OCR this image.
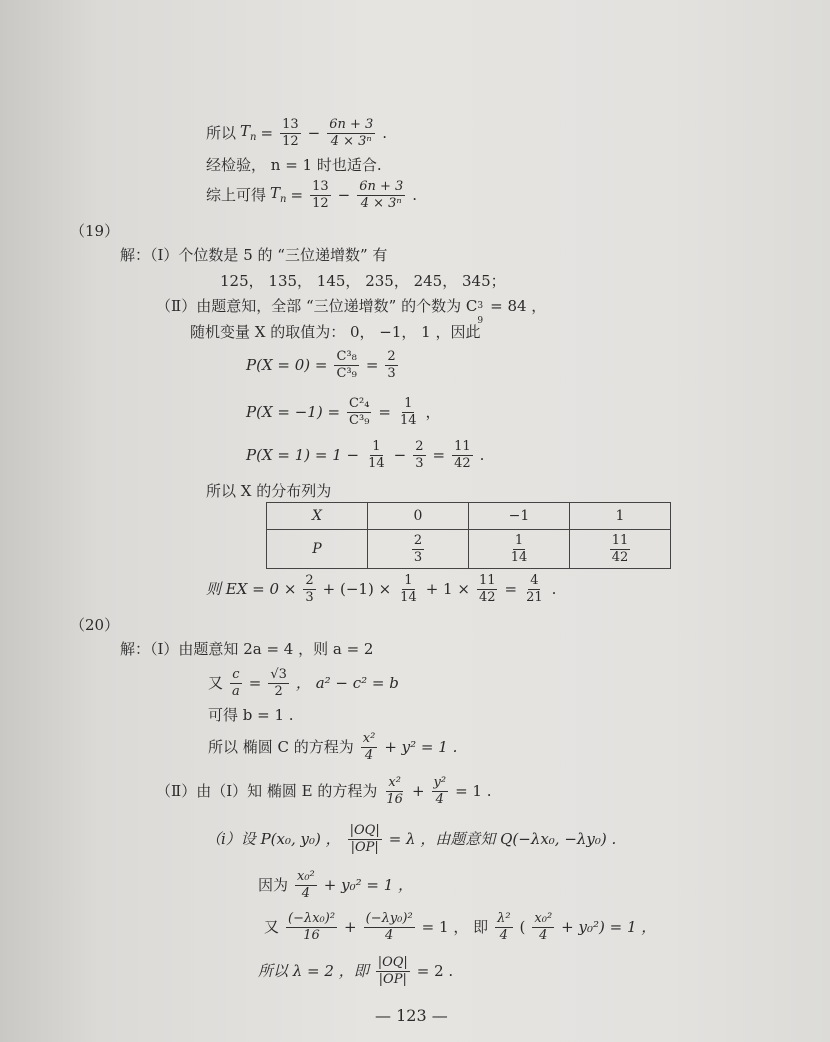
所以 $T_n = \frac{13}{12} - \frac{6n + 3}{\text{4 × 3ⁿ}}$ .
经检验， n = 1 时也适合.
综上可得 $T_n = \frac{13}{12} - \frac{6n + 3}{\text{4 × 3ⁿ}}$ .
（19）
解：（Ⅰ）个位数是 5 的 “三位递增数” 有
125， 135， 145， 235， 245， 345；
（Ⅱ）由题意知，全部 “三位递增数” 的个数为 C 3
9
= 84 ，
随机变量 X 的取值为： 0， −1， 1 ，因此
$P(X = 0) = \frac{\text{C³₈}}{\text{C³₉}} = \frac{2}{3}$
$P(X = -1) = \frac{\text{C²₄}}{\text{C³₉}} = \frac{1}{14}$ ，
$P(X = 1) = 1 - \frac{1}{14} - \frac{2}{3} = \frac{11}{42}$ .
所以 X 的分布列为
X	0	−1	1
P	$\frac{2}{3}$	$\frac{1}{14}$	$\frac{11}{42}$
则 EX = $0 \times \frac{2}{3} + (-1) \times \frac{1}{14} + 1 \times \frac{11}{42} = \frac{4}{21}$ .
（20）
解：（Ⅰ）由题意知 2a = 4 ，则 a = 2
又 $\frac{c}{a} = \frac{√3}{2}$ ， a² − c² = b
可得 b = 1 .
所以 椭圆 C 的方程为 $\frac{\text{x²}}{4} + y^2 = 1$ .
（Ⅱ）由（Ⅰ）知 椭圆 E 的方程为 $\frac{\text{x²}}{16} + \frac{\text{y²}}{4} = 1$ .
（ⅰ）设 P(x₀, y₀) ， $\frac{|OQ|}{|OP|} = \lambda$ ，由题意知 Q(−λx₀, −λy₀) .
因为 $\frac{\text{x₀²}}{4} + y_0^2 = 1$ ，
又 $\frac{\text{(−λx₀)²}}{16} + \frac{\text{(−λy₀)²}}{4} = 1$ ， 即 $\frac{\text{λ²}}{4}$ ( $\frac{\text{x₀²}}{4} + y_0^2) = 1$ ，
所以 λ = 2 ，即 $\frac{|OQ|}{|OP|} = 2$ .
— 123 —
